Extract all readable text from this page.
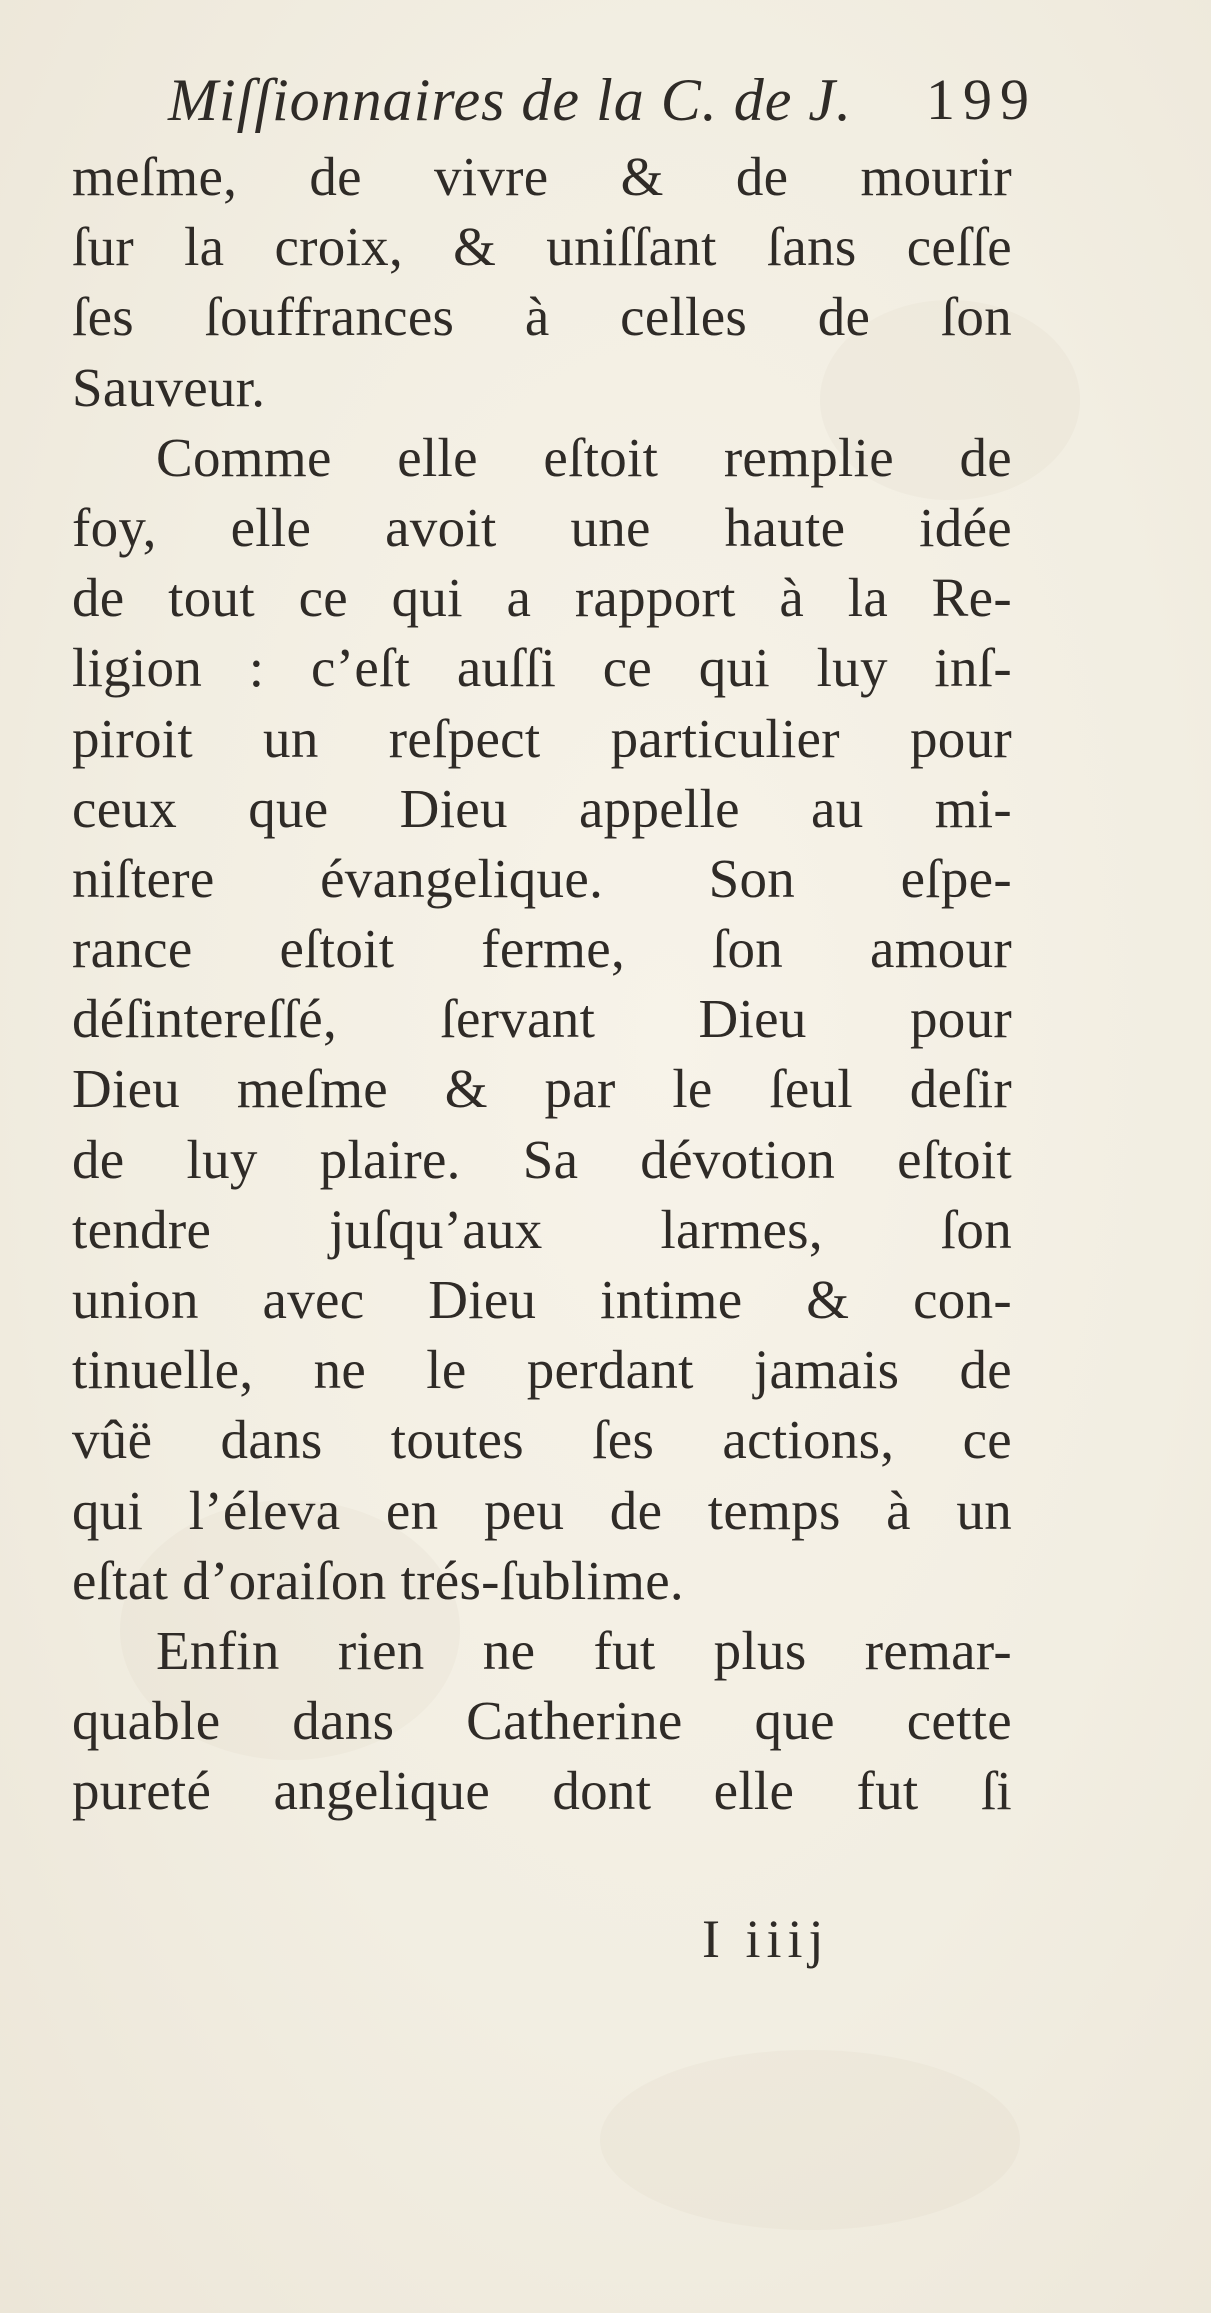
Miſſionnaires de la C. de J. 199
meſme, de vivre & de mourir
ſur la croix, & uniſſant ſans ceſſe
ſes ſouffrances à celles de ſon
Sauveur.
Comme elle eſtoit remplie de
foy, elle avoit une haute idée
de tout ce qui a rapport à la Re-
ligion : c’eſt auſſi ce qui luy inſ-
piroit un reſpect particulier pour
ceux que Dieu appelle au mi-
niſtere évangelique. Son eſpe-
rance eſtoit ferme, ſon amour
déſintereſſé, ſervant Dieu pour
Dieu meſme & par le ſeul deſir
de luy plaire. Sa dévotion eſtoit
tendre juſqu’aux larmes, ſon
union avec Dieu intime & con-
tinuelle, ne le perdant jamais de
vûë dans toutes ſes actions, ce
qui l’éleva en peu de temps à un
eſtat d’oraiſon trés-ſublime.
Enfin rien ne fut plus remar-
quable dans Catherine que cette
pureté angelique dont elle fut ſi
I iiij
